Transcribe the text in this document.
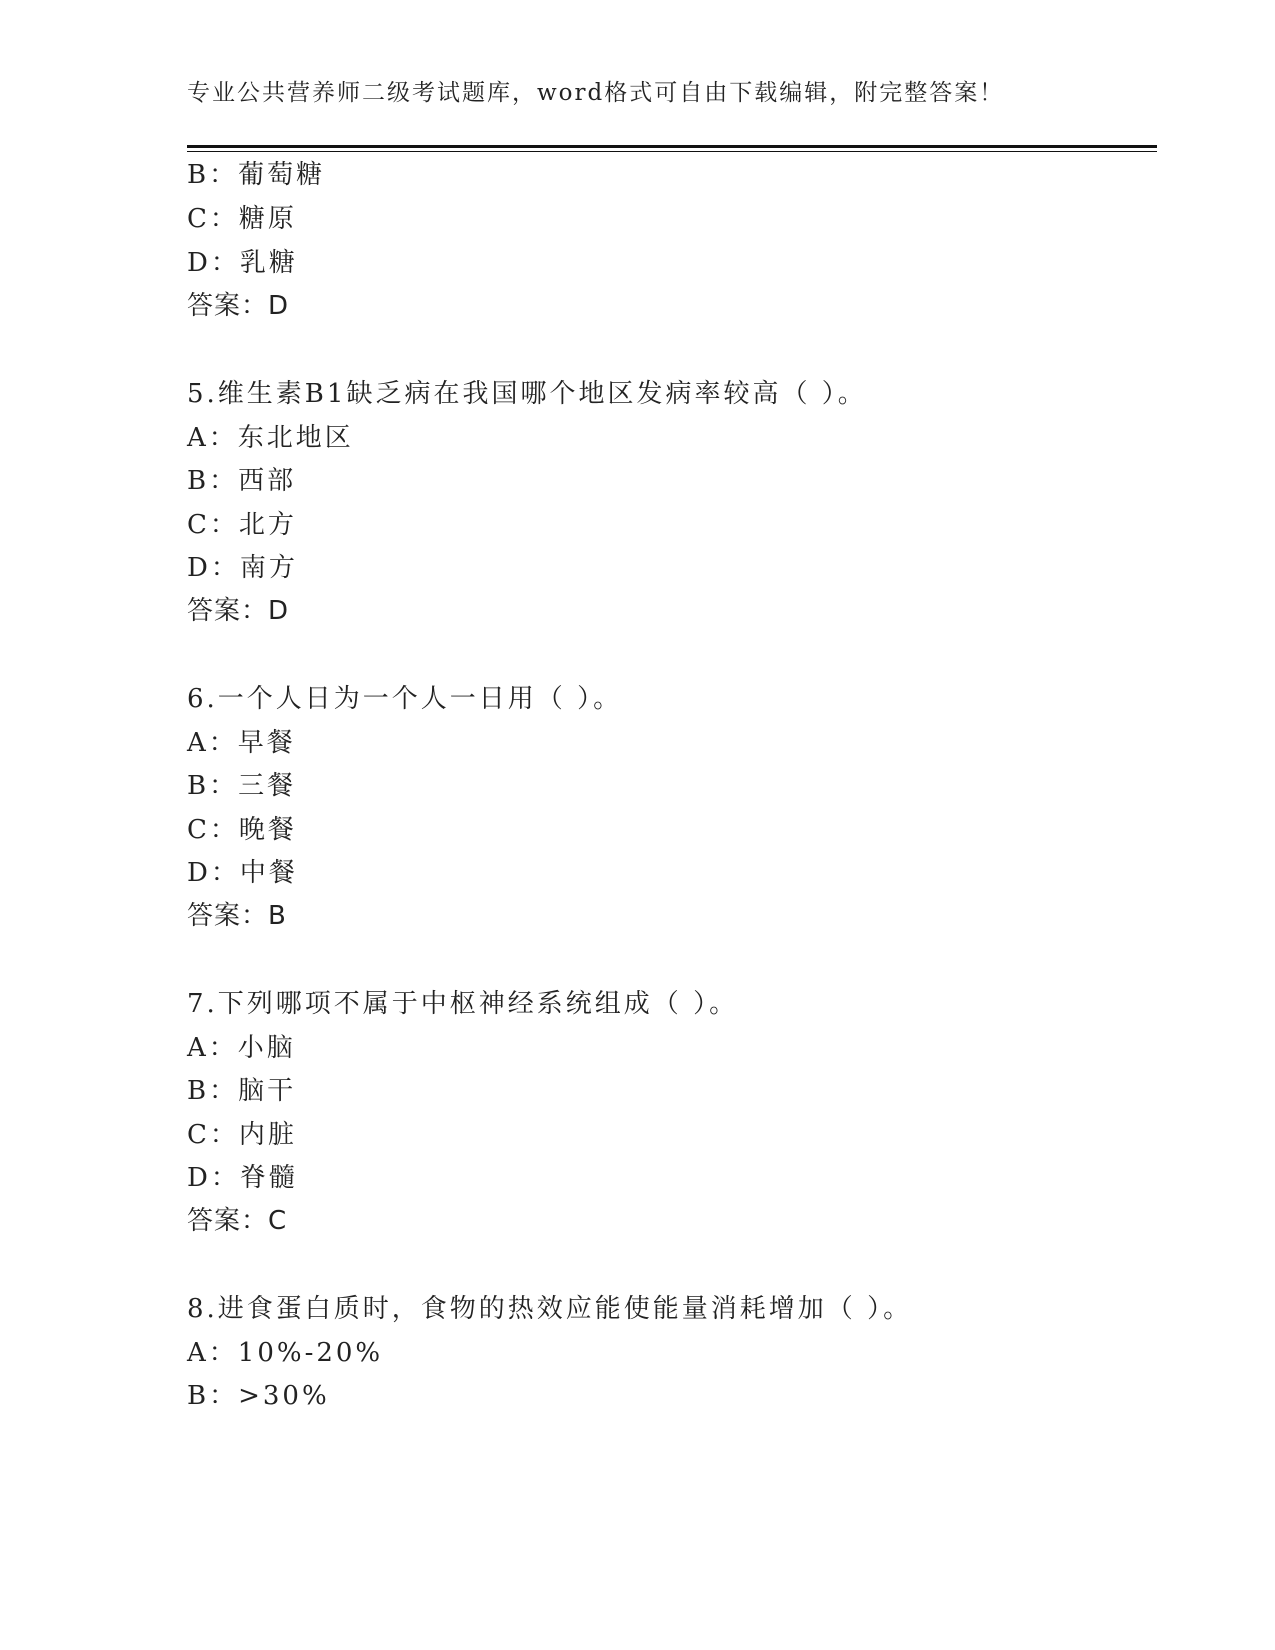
专业公共营养师二级考试题库，word格式可自由下载编辑，附完整答案！
B：葡萄糖
C：糖原
D：乳糖
答案：D
5.维生素B1缺乏病在我国哪个地区发病率较高（ ）。
A：东北地区
B：西部
C：北方
D：南方
答案：D
6.一个人日为一个人一日用（ ）。
A：早餐
B：三餐
C：晚餐
D：中餐
答案：B
7.下列哪项不属于中枢神经系统组成（ ）。
A：小脑
B：脑干
C：内脏
D：脊髓
答案：C
8.进食蛋白质时，食物的热效应能使能量消耗增加（ ）。
A：10%-20%
B：>30%
